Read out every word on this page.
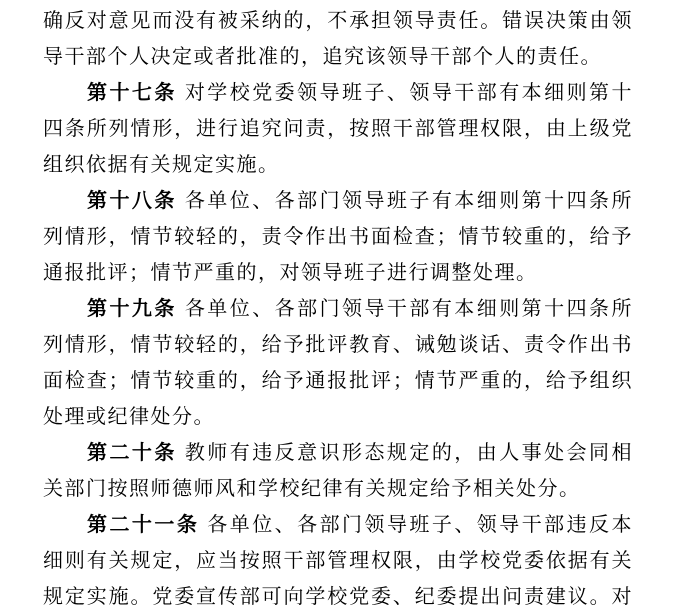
确反对意见而没有被采纳的，不承担领导责任。错误决策由领
导干部个人决定或者批准的，追究该领导干部个人的责任。

第十七条 对学校党委领导班子、领导干部有本细则第十
四条所列情形，进行追究问责，按照干部管理权限，由上级党
组织依据有关规定实施。

第十八条 各单位、各部门领导班子有本细则第十四条所
列情形，情节较轻的，责令作出书面检查；情节较重的，给予
通报批评；情节严重的，对领导班子进行调整处理。

第十九条 各单位、各部门领导干部有本细则第十四条所
列情形，情节较轻的，给予批评教育、诫勉谈话、责令作出书
面检查；情节较重的，给予通报批评；情节严重的，给予组织
处理或纪律处分。

第二十条 教师有违反意识形态规定的，由人事处会同相
关部门按照师德师风和学校纪律有关规定给予相关处分。

第二十一条 各单位、各部门领导班子、领导干部违反本
细则有关规定，应当按照干部管理权限，由学校党委依据有关
规定实施。党委宣传部可向学校党委、纪委提出问责建议。对
